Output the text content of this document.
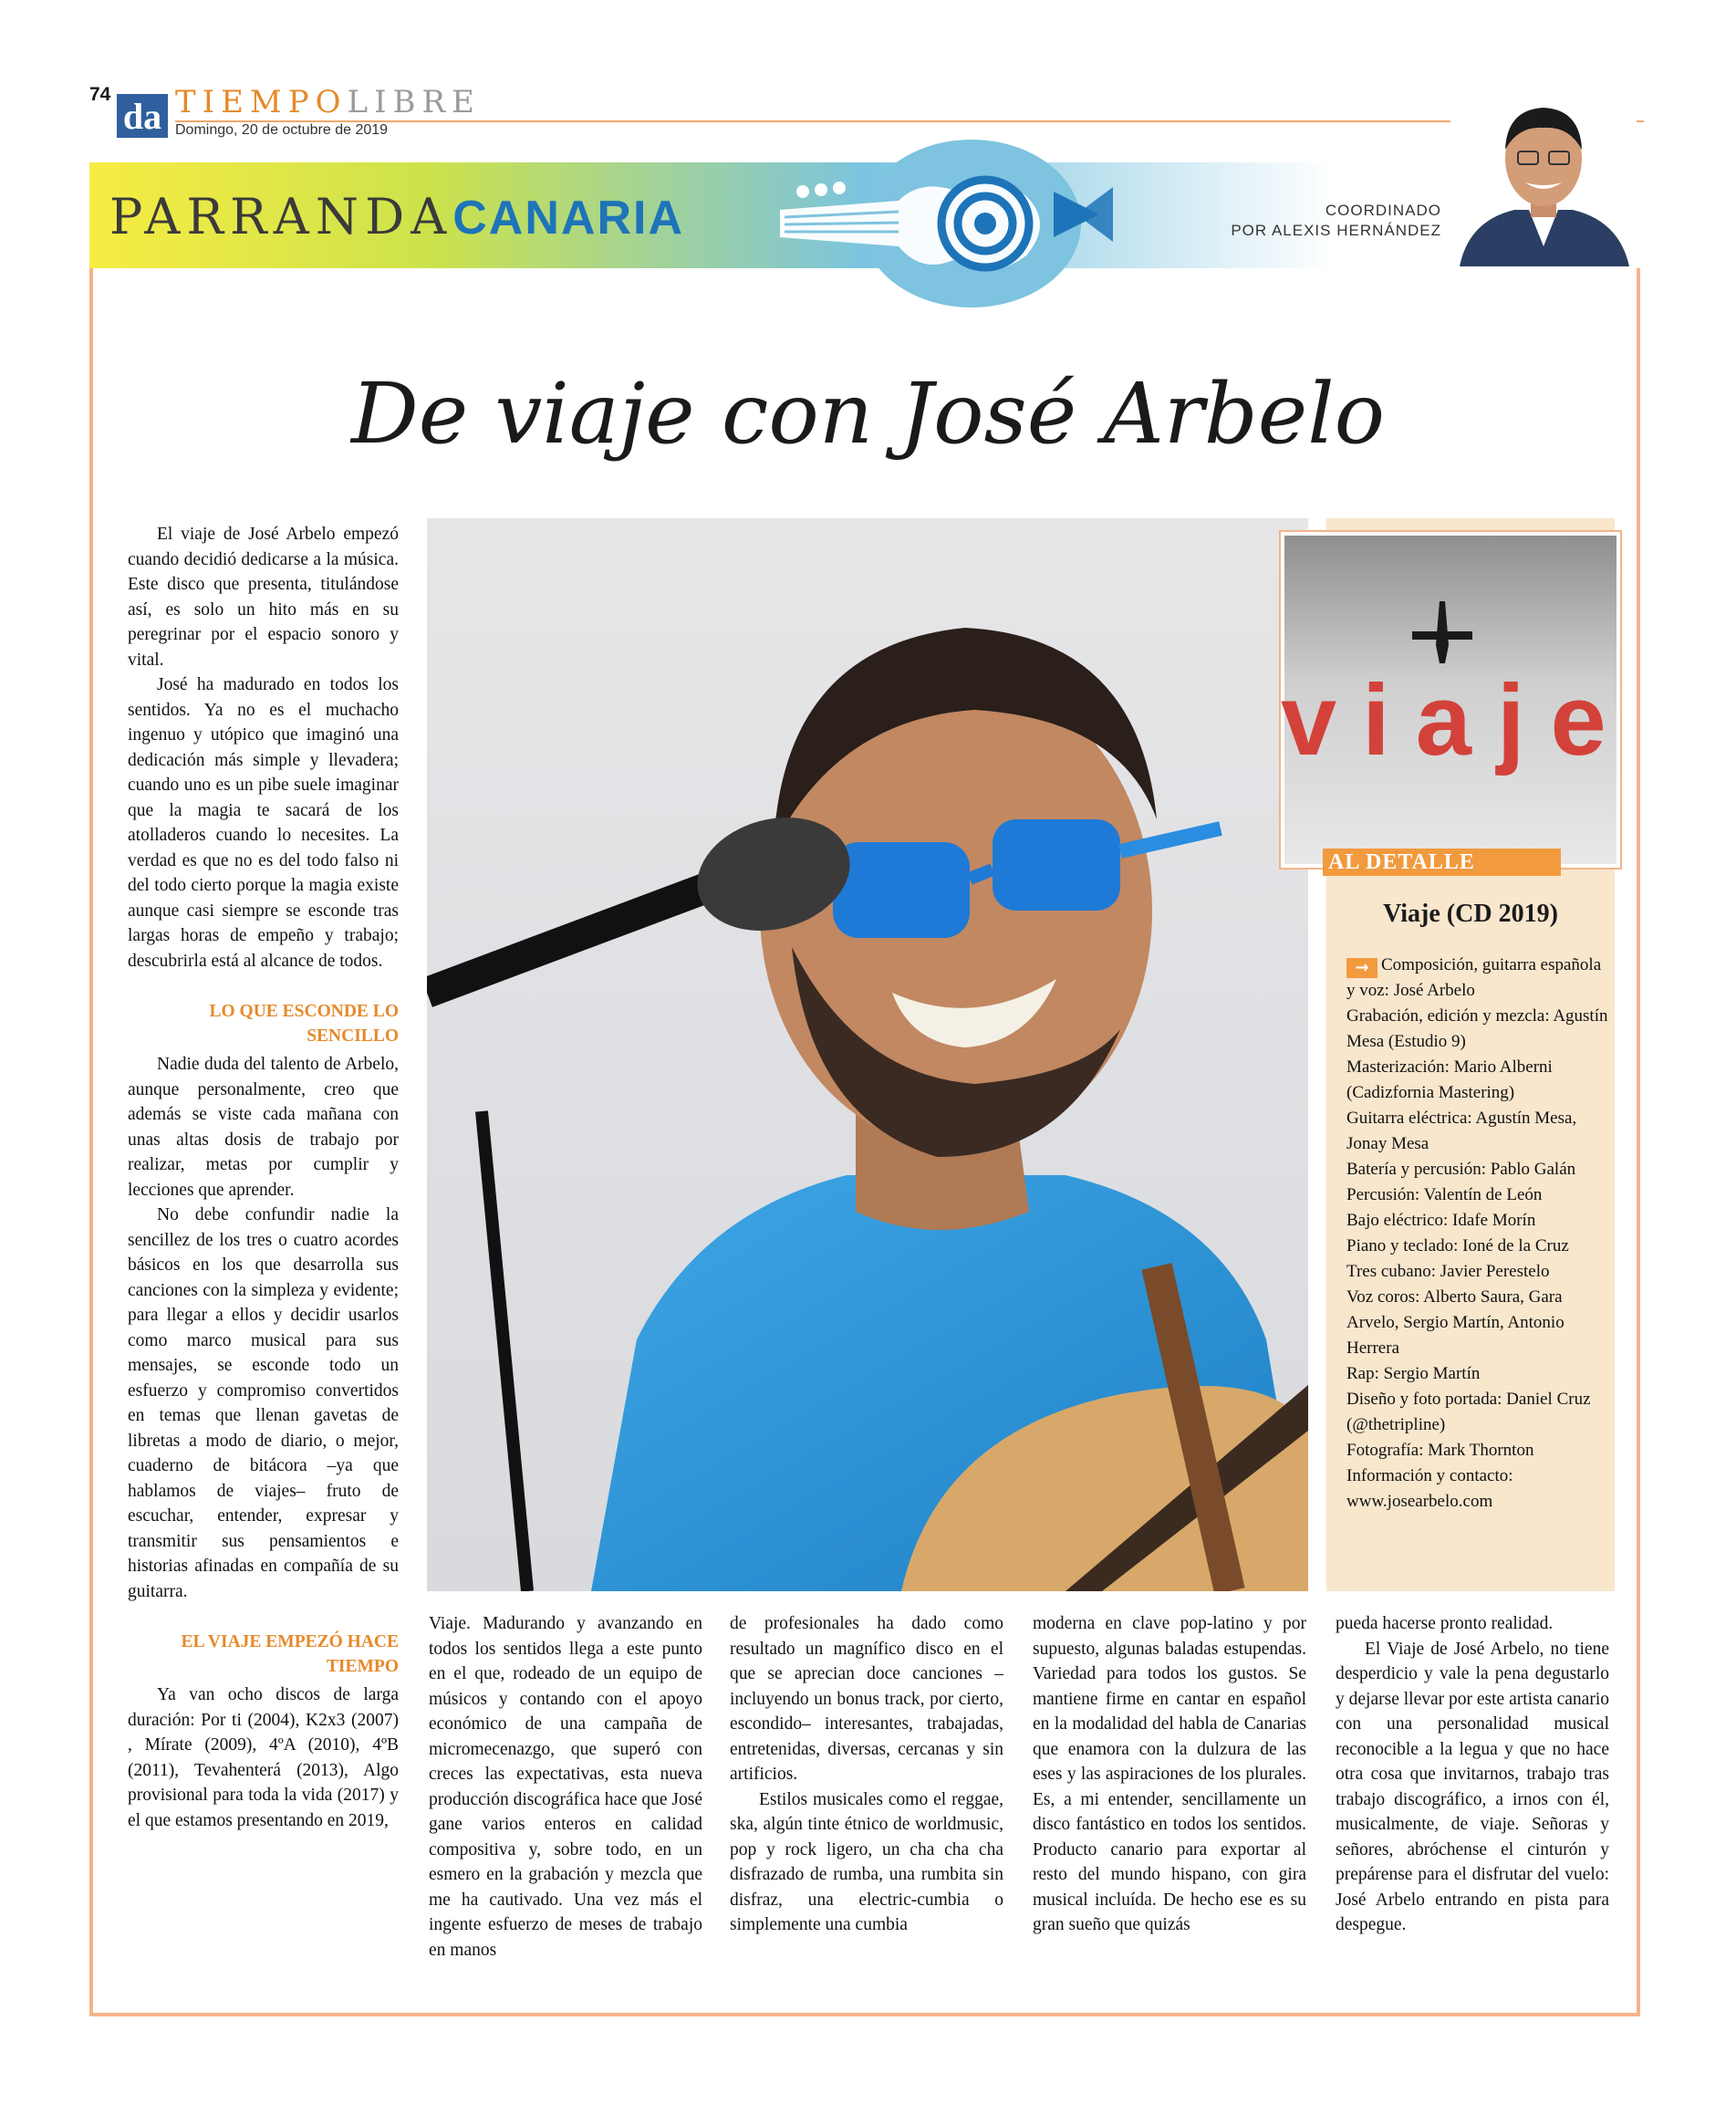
74
da TIEMPOLIBRE
Domingo, 20 de octubre de 2019
PARRANDACANARIA	COORDINADO
POR ALEXIS HERNÁNDEZ
De viaje con José Arbelo

El viaje de José Arbelo empezó cuando decidió dedicarse a la música. Este disco que presenta, titulándose así, es solo un hito más en su peregrinar por el espacio sonoro y vital.

José ha madurado en todos los sentidos. Ya no es el muchacho ingenuo y utópico que imaginó una dedicación más simple y llevadera; cuando uno es un pibe suele imaginar que la magia te sacará de los atolladeros cuando lo necesites. La verdad es que no es del todo falso ni del todo cierto porque la magia existe aunque casi siempre se esconde tras largas horas de empeño y trabajo; descubrirla está al alcance de todos.

LO QUE ESCONDE LO SENCILLO

Nadie duda del talento de Arbelo, aunque personalmente, creo que además se viste cada mañana con unas altas dosis de trabajo por realizar, metas por cumplir y lecciones que aprender.

No debe confundir nadie la sencillez de los tres o cuatro acordes básicos en los que desarrolla sus canciones con la simpleza y evidente; para llegar a ellos y decidir usarlos como marco musical para sus mensajes, se esconde todo un esfuerzo y compromiso convertidos en temas que llenan gavetas de libretas a modo de diario, o mejor, cuaderno de bitácora –ya que hablamos de viajes– fruto de escuchar, entender, expresar y transmitir sus pensamientos e historias afinadas en compañía de su guitarra.

EL VIAJE EMPEZÓ HACE TIEMPO

Ya van ocho discos de larga duración: Por ti (2004), K2x3 (2007) , Mírate (2009), 4ºA (2010), 4ºB (2011), Tevahenterá (2013), Algo provisional para toda la vida (2017) y el que estamos presentando en 2019,

viaje
AL DETALLE
Viaje (CD 2019)
→ Composición, guitarra española y voz: José Arbelo
Grabación, edición y mezcla: Agustín Mesa (Estudio 9)
Masterización: Mario Alberni (Cadizfornia Mastering)
Guitarra eléctrica: Agustín Mesa, Jonay Mesa
Batería y percusión: Pablo Galán
Percusión: Valentín de León
Bajo eléctrico: Idafe Morín
Piano y teclado: Ioné de la Cruz
Tres cubano: Javier Perestelo
Voz coros: Alberto Saura, Gara Arvelo, Sergio Martín, Antonio Herrera
Rap: Sergio Martín
Diseño y foto portada: Daniel Cruz (@thetripline)
Fotografía: Mark Thornton
Información y contacto: www.josearbelo.com

Viaje. Madurando y avanzando en todos los sentidos llega a este punto en el que, rodeado de un equipo de músicos y contando con el apoyo económico de una campaña de micromecenazgo, que superó con creces las expectativas, esta nueva producción discográfica hace que José gane varios enteros en calidad compositiva y, sobre todo, en un esmero en la grabación y mezcla que me ha cautivado. Una vez más el ingente esfuerzo de meses de trabajo en manos

de profesionales ha dado como resultado un magnífico disco en el que se aprecian doce canciones –incluyendo un bonus track, por cierto, escondido– interesantes, trabajadas, entretenidas, diversas, cercanas y sin artificios.

Estilos musicales como el reggae, ska, algún tinte étnico de worldmusic, pop y rock ligero, un cha cha cha disfrazado de rumba, una rumbita sin disfraz, una electric-cumbia o simplemente una cumbia

moderna en clave pop-latino y por supuesto, algunas baladas estupendas. Variedad para todos los gustos. Se mantiene firme en cantar en español en la modalidad del habla de Canarias que enamora con la dulzura de las eses y las aspiraciones de los plurales. Es, a mi entender, sencillamente un disco fantástico en todos los sentidos. Producto canario para exportar al resto del mundo hispano, con gira musical incluída. De hecho ese es su gran sueño que quizás

pueda hacerse pronto realidad.

El Viaje de José Arbelo, no tiene desperdicio y vale la pena degustarlo y dejarse llevar por este artista canario con una personalidad musical reconocible a la legua y que no hace otra cosa que invitarnos, trabajo tras trabajo discográfico, a irnos con él, musicalmente, de viaje. Señoras y señores, abróchense el cinturón y prepárense para el disfrutar del vuelo: José Arbelo entrando en pista para despegue.
